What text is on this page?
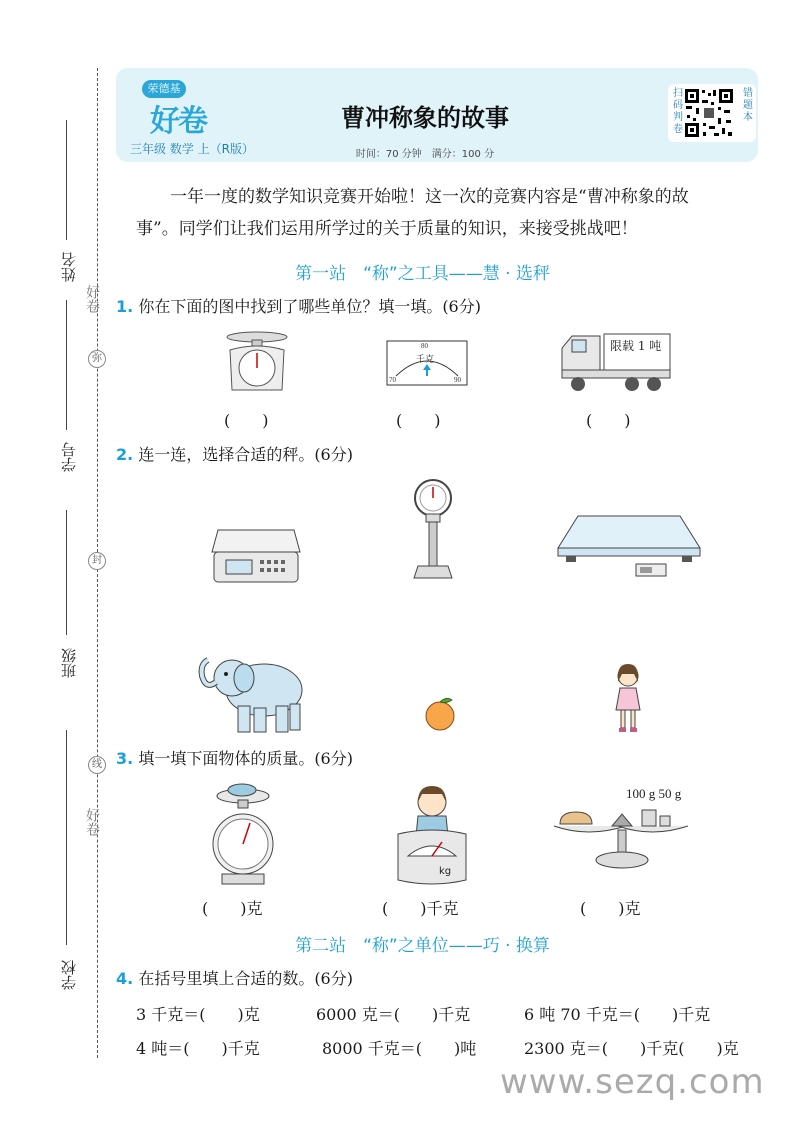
姓名
学号
班级
学校
弥
封
线
好卷
好卷
荣德基
好卷
三年级 数学 上（R版）
曹冲称象的故事
时间：70 分钟　满分：100 分
扫码判卷
错题本
一年一度的数学知识竞赛开始啦！这一次的竞赛内容是“曹冲称象的故
事”。同学们让我们运用所学过的关于质量的知识，来接受挑战吧！
第一站　“称”之工具——慧 · 选秤
1. 你在下面的图中找到了哪些单位？填一填。(6分)
80
千克
70	90
限载 1 吨
(　　)	(　　)	(　　)
2. 连一连，选择合适的秤。(6分)
3. 填一填下面物体的质量。(6分)
kg
100 g 50 g
(　　)克	(　　)千克	(　　)克
第二站　“称”之单位——巧 · 换算
4. 在括号里填上合适的数。(6分)
3 千克＝(　　)克	6000 克＝(　　)千克	6 吨 70 千克＝(　　)千克
4 吨＝(　　)千克	8000 千克＝(　　)吨	2300 克＝(　　)千克(　　)克
www.sezq.com
